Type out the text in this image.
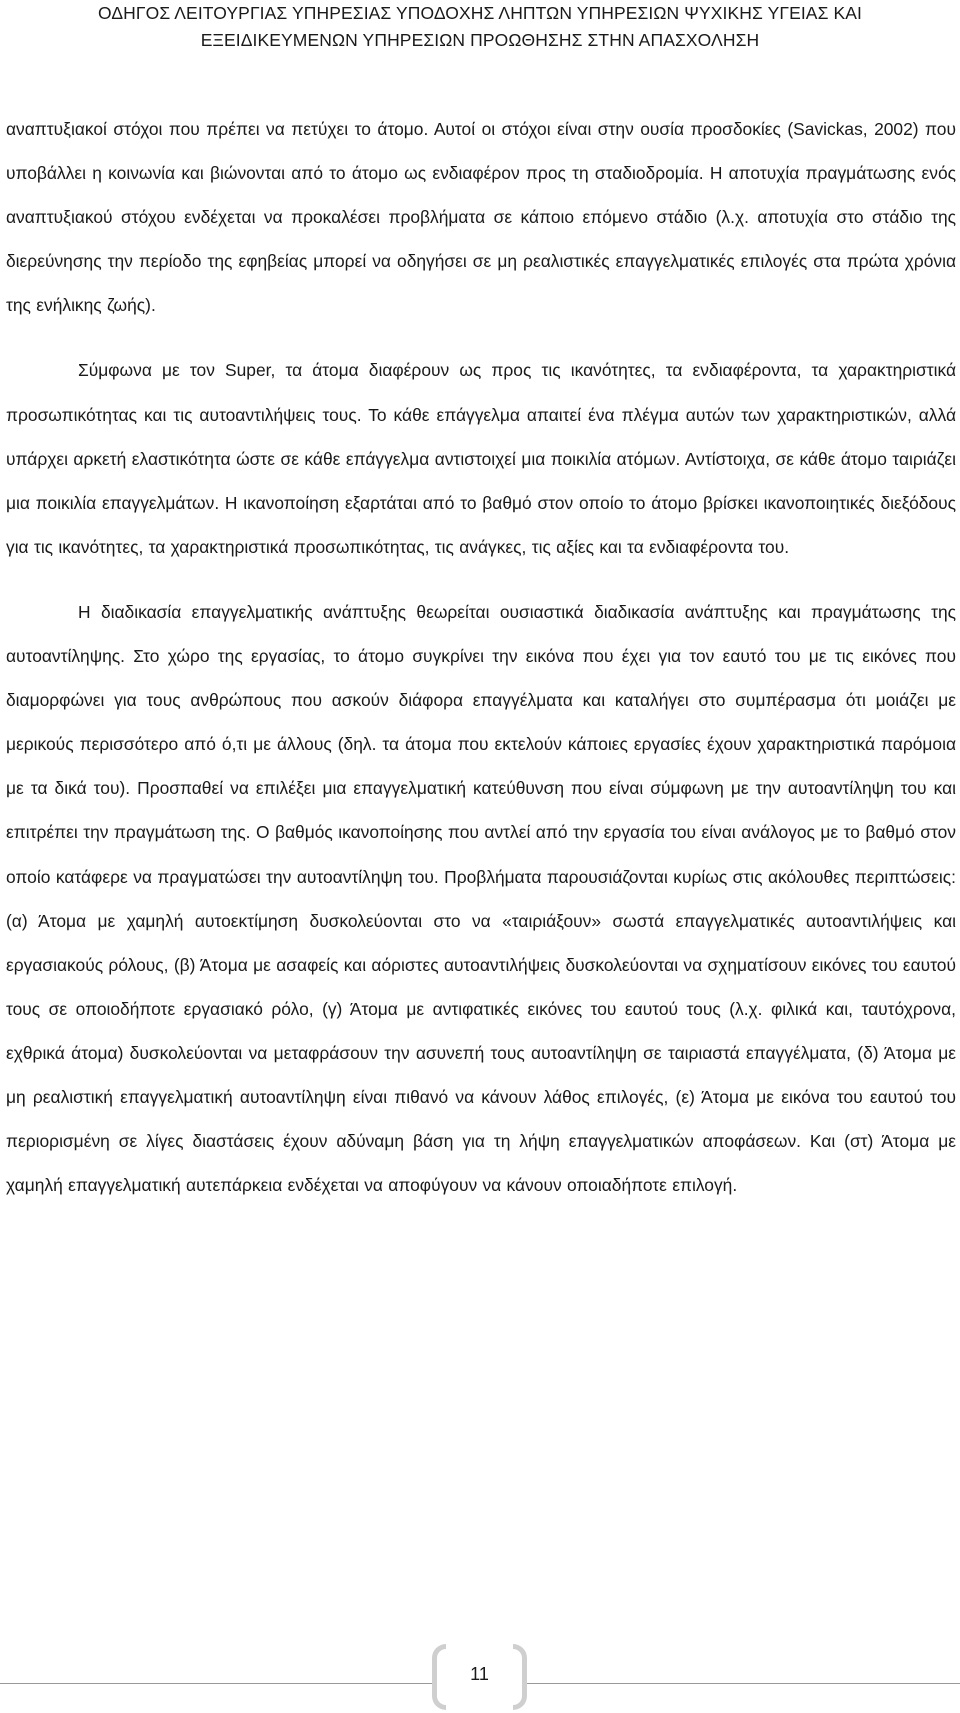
ΟΔΗΓΟΣ ΛΕΙΤΟΥΡΓΙΑΣ ΥΠΗΡΕΣΙΑΣ ΥΠΟΔΟΧΗΣ ΛΗΠΤΩΝ ΥΠΗΡΕΣΙΩΝ ΨΥΧΙΚΗΣ ΥΓΕΙΑΣ ΚΑΙ
ΕΞΕΙΔΙΚΕΥΜΕΝΩΝ ΥΠΗΡΕΣΙΩΝ ΠΡΟΩΘΗΣΗΣ ΣΤΗΝ ΑΠΑΣΧΟΛΗΣΗ

αναπτυξιακοί στόχοι που πρέπει να πετύχει το άτομο. Αυτοί οι στόχοι είναι στην ουσία προσδοκίες (Savickas, 2002) που υποβάλλει η κοινωνία και βιώνονται από το άτομο ως ενδιαφέρον προς τη σταδιοδρομία. Η αποτυχία πραγμάτωσης ενός αναπτυξιακού στόχου ενδέχεται να προκαλέσει προβλήματα σε κάποιο επόμενο στάδιο (λ.χ. αποτυχία στο στάδιο της διερεύνησης την περίοδο της εφηβείας μπορεί να οδηγήσει σε μη ρεαλιστικές επαγγελματικές επιλογές στα πρώτα χρόνια της ενήλικης ζωής).

Σύμφωνα με τον Super, τα άτομα διαφέρουν ως προς τις ικανότητες, τα ενδιαφέροντα, τα χαρακτηριστικά προσωπικότητας και τις αυτοαντιλήψεις τους. Το κάθε επάγγελμα απαιτεί ένα πλέγμα αυτών των χαρακτηριστικών, αλλά υπάρχει αρκετή ελαστικότητα ώστε σε κάθε επάγγελμα αντιστοιχεί μια ποικιλία ατόμων. Αντίστοιχα, σε κάθε άτομο ταιριάζει μια ποικιλία επαγγελμάτων. Η ικανοποίηση εξαρτάται από το βαθμό στον οποίο το άτομο βρίσκει ικανοποιητικές διεξόδους για τις ικανότητες, τα χαρακτηριστικά προσωπικότητας, τις ανάγκες, τις αξίες και τα ενδιαφέροντα του.

Η διαδικασία επαγγελματικής ανάπτυξης θεωρείται ουσιαστικά διαδικασία ανάπτυξης και πραγμάτωσης της αυτοαντίληψης. Στο χώρο της εργασίας, το άτομο συγκρίνει την εικόνα που έχει για τον εαυτό του με τις εικόνες που διαμορφώνει για τους ανθρώπους που ασκούν διάφορα επαγγέλματα και καταλήγει στο συμπέρασμα ότι μοιάζει με μερικούς περισσότερο από ό,τι με άλλους (δηλ. τα άτομα που εκτελούν κάποιες εργασίες έχουν χαρακτηριστικά παρόμοια με τα δικά του). Προσπαθεί να επιλέξει μια επαγγελματική κατεύθυνση που είναι σύμφωνη με την αυτοαντίληψη του και επιτρέπει την πραγμάτωση της. Ο βαθμός ικανοποίησης που αντλεί από την εργασία του είναι ανάλογος με το βαθμό στον οποίο κατάφερε να πραγματώσει την αυτοαντίληψη του. Προβλήματα παρουσιάζονται κυρίως στις ακόλουθες περιπτώσεις: (α) Άτομα με χαμηλή αυτοεκτίμηση δυσκολεύονται στο να «ταιριάξουν» σωστά επαγγελματικές αυτοαντιλήψεις και εργασιακούς ρόλους, (β) Άτομα με ασαφείς και αόριστες αυτοαντιλήψεις δυσκολεύονται να σχηματίσουν εικόνες του εαυτού τους σε οποιοδήποτε εργασιακό ρόλο, (γ) Άτομα με αντιφατικές εικόνες του εαυτού τους (λ.χ. φιλικά και, ταυτόχρονα, εχθρικά άτομα) δυσκολεύονται να μεταφράσουν την ασυνεπή τους αυτοαντίληψη σε ταιριαστά επαγγέλματα, (δ) Άτομα με μη ρεαλιστική επαγγελματική αυτοαντίληψη είναι πιθανό να κάνουν λάθος επιλογές, (ε) Άτομα με εικόνα του εαυτού του περιορισμένη σε λίγες διαστάσεις έχουν αδύναμη βάση για τη λήψη επαγγελματικών αποφάσεων. Και (στ) Άτομα με χαμηλή επαγγελματική αυτεπάρκεια ενδέχεται να αποφύγουν να κάνουν οποιαδήποτε επιλογή.

11
